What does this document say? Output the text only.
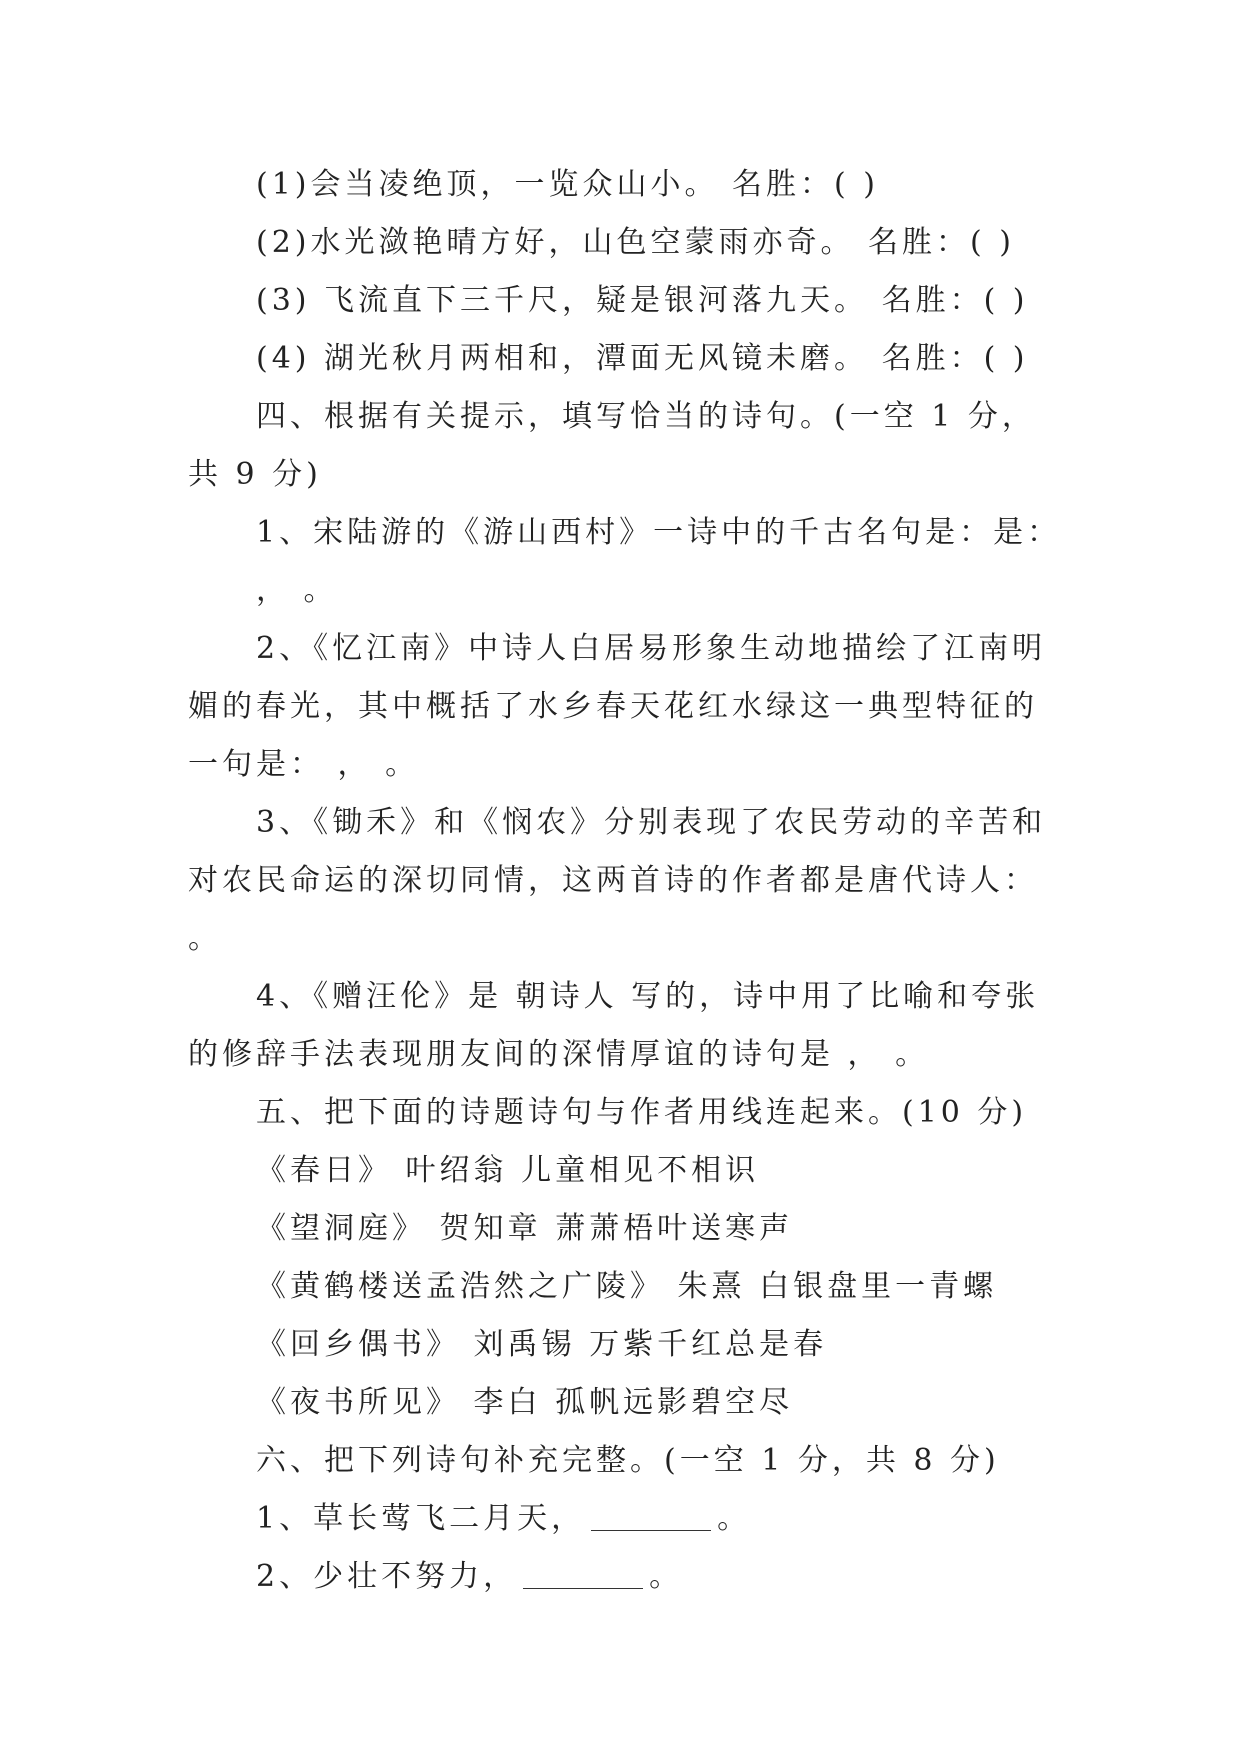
(1)会当凌绝顶，一览众山小。 名胜：( )
(2)水光潋艳晴方好，山色空蒙雨亦奇。 名胜：( )
(3) 飞流直下三千尺，疑是银河落九天。 名胜：( )
(4) 湖光秋月两相和，潭面无风镜未磨。 名胜：( )
四、根据有关提示，填写恰当的诗句。(一空 1 分，共 9 分)
1、宋陆游的《游山西村》一诗中的千古名句是：是：
， 。
2、《忆江南》中诗人白居易形象生动地描绘了江南明媚的春光，其中概括了水乡春天花红水绿这一典型特征的一句是： ， 。
3、《锄禾》和《悯农》分别表现了农民劳动的辛苦和对农民命运的深切同情，这两首诗的作者都是唐代诗人： 。
4、《赠汪伦》是 朝诗人 写的，诗中用了比喻和夸张的修辞手法表现朋友间的深情厚谊的诗句是 ， 。
五、把下面的诗题诗句与作者用线连起来。(10 分)
《春日》 叶绍翁 儿童相见不相识
《望洞庭》 贺知章 萧萧梧叶送寒声
《黄鹤楼送孟浩然之广陵》 朱熹 白银盘里一青螺
《回乡偶书》 刘禹锡 万紫千红总是春
《夜书所见》 李白 孤帆远影碧空尽
六、把下列诗句补充完整。(一空 1 分，共 8 分)
1、草长莺飞二月天，	。
2、少壮不努力，	。
